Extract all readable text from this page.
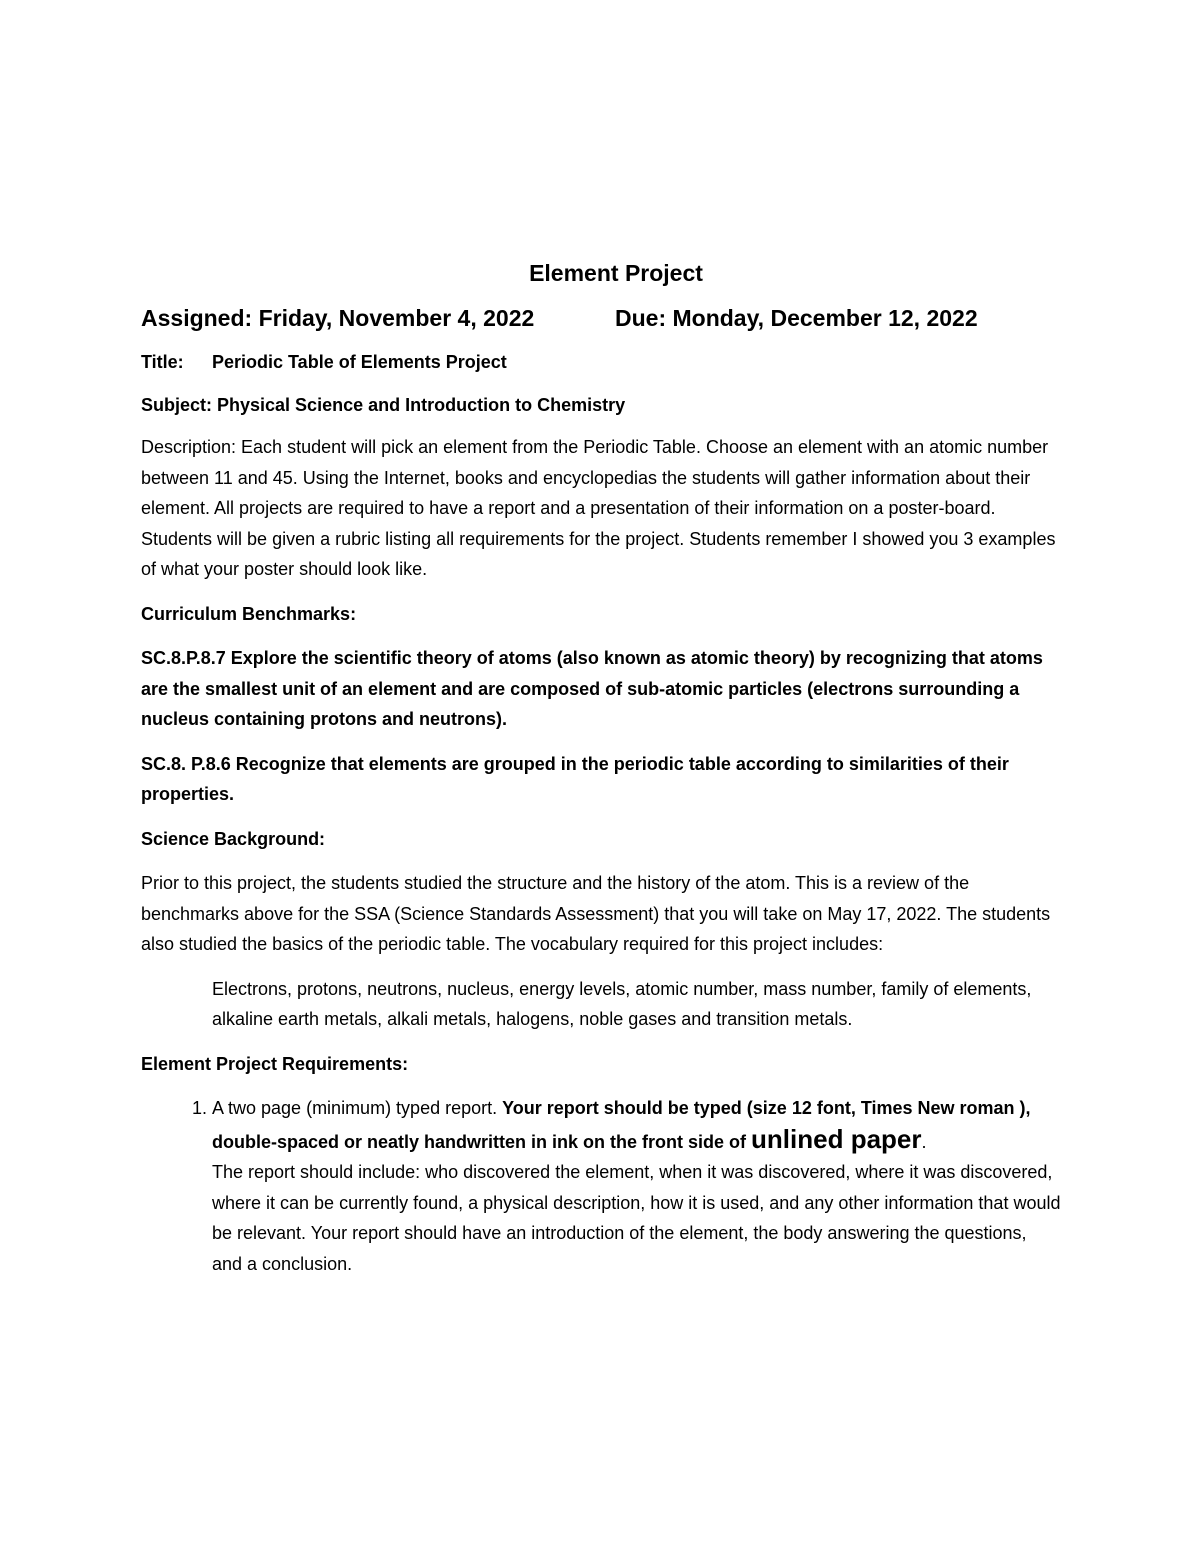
Element Project
Assigned: Friday, November 4, 2022	Due: Monday, December 12, 2022
Title: Periodic Table of Elements Project
Subject: Physical Science and Introduction to Chemistry

Description: Each student will pick an element from the Periodic Table. Choose an element with an atomic number between 11 and 45. Using the Internet, books and encyclopedias the students will gather information about their element. All projects are required to have a report and a presentation of their information on a poster-board. Students will be given a rubric listing all requirements for the project. Students remember I showed you 3 examples of what your poster should look like.

Curriculum Benchmarks:

SC.8.P.8.7 Explore the scientific theory of atoms (also known as atomic theory) by recognizing that atoms are the smallest unit of an element and are composed of sub-atomic particles (electrons surrounding a nucleus containing protons and neutrons).

SC.8. P.8.6 Recognize that elements are grouped in the periodic table according to similarities of their properties.

Science Background:

Prior to this project, the students studied the structure and the history of the atom. This is a review of the benchmarks above for the SSA (Science Standards Assessment) that you will take on May 17, 2022. The students also studied the basics of the periodic table. The vocabulary required for this project includes:

Electrons, protons, neutrons, nucleus, energy levels, atomic number, mass number, family of elements, alkaline earth metals, alkali metals, halogens, noble gases and transition metals.

Element Project Requirements:

1. A two page (minimum) typed report. Your report should be typed (size 12 font, Times New roman ), double-spaced or neatly handwritten in ink on the front side of unlined paper.
The report should include: who discovered the element, when it was discovered, where it was discovered, where it can be currently found, a physical description, how it is used, and any other information that would be relevant. Your report should have an introduction of the element, the body answering the questions, and a conclusion.
